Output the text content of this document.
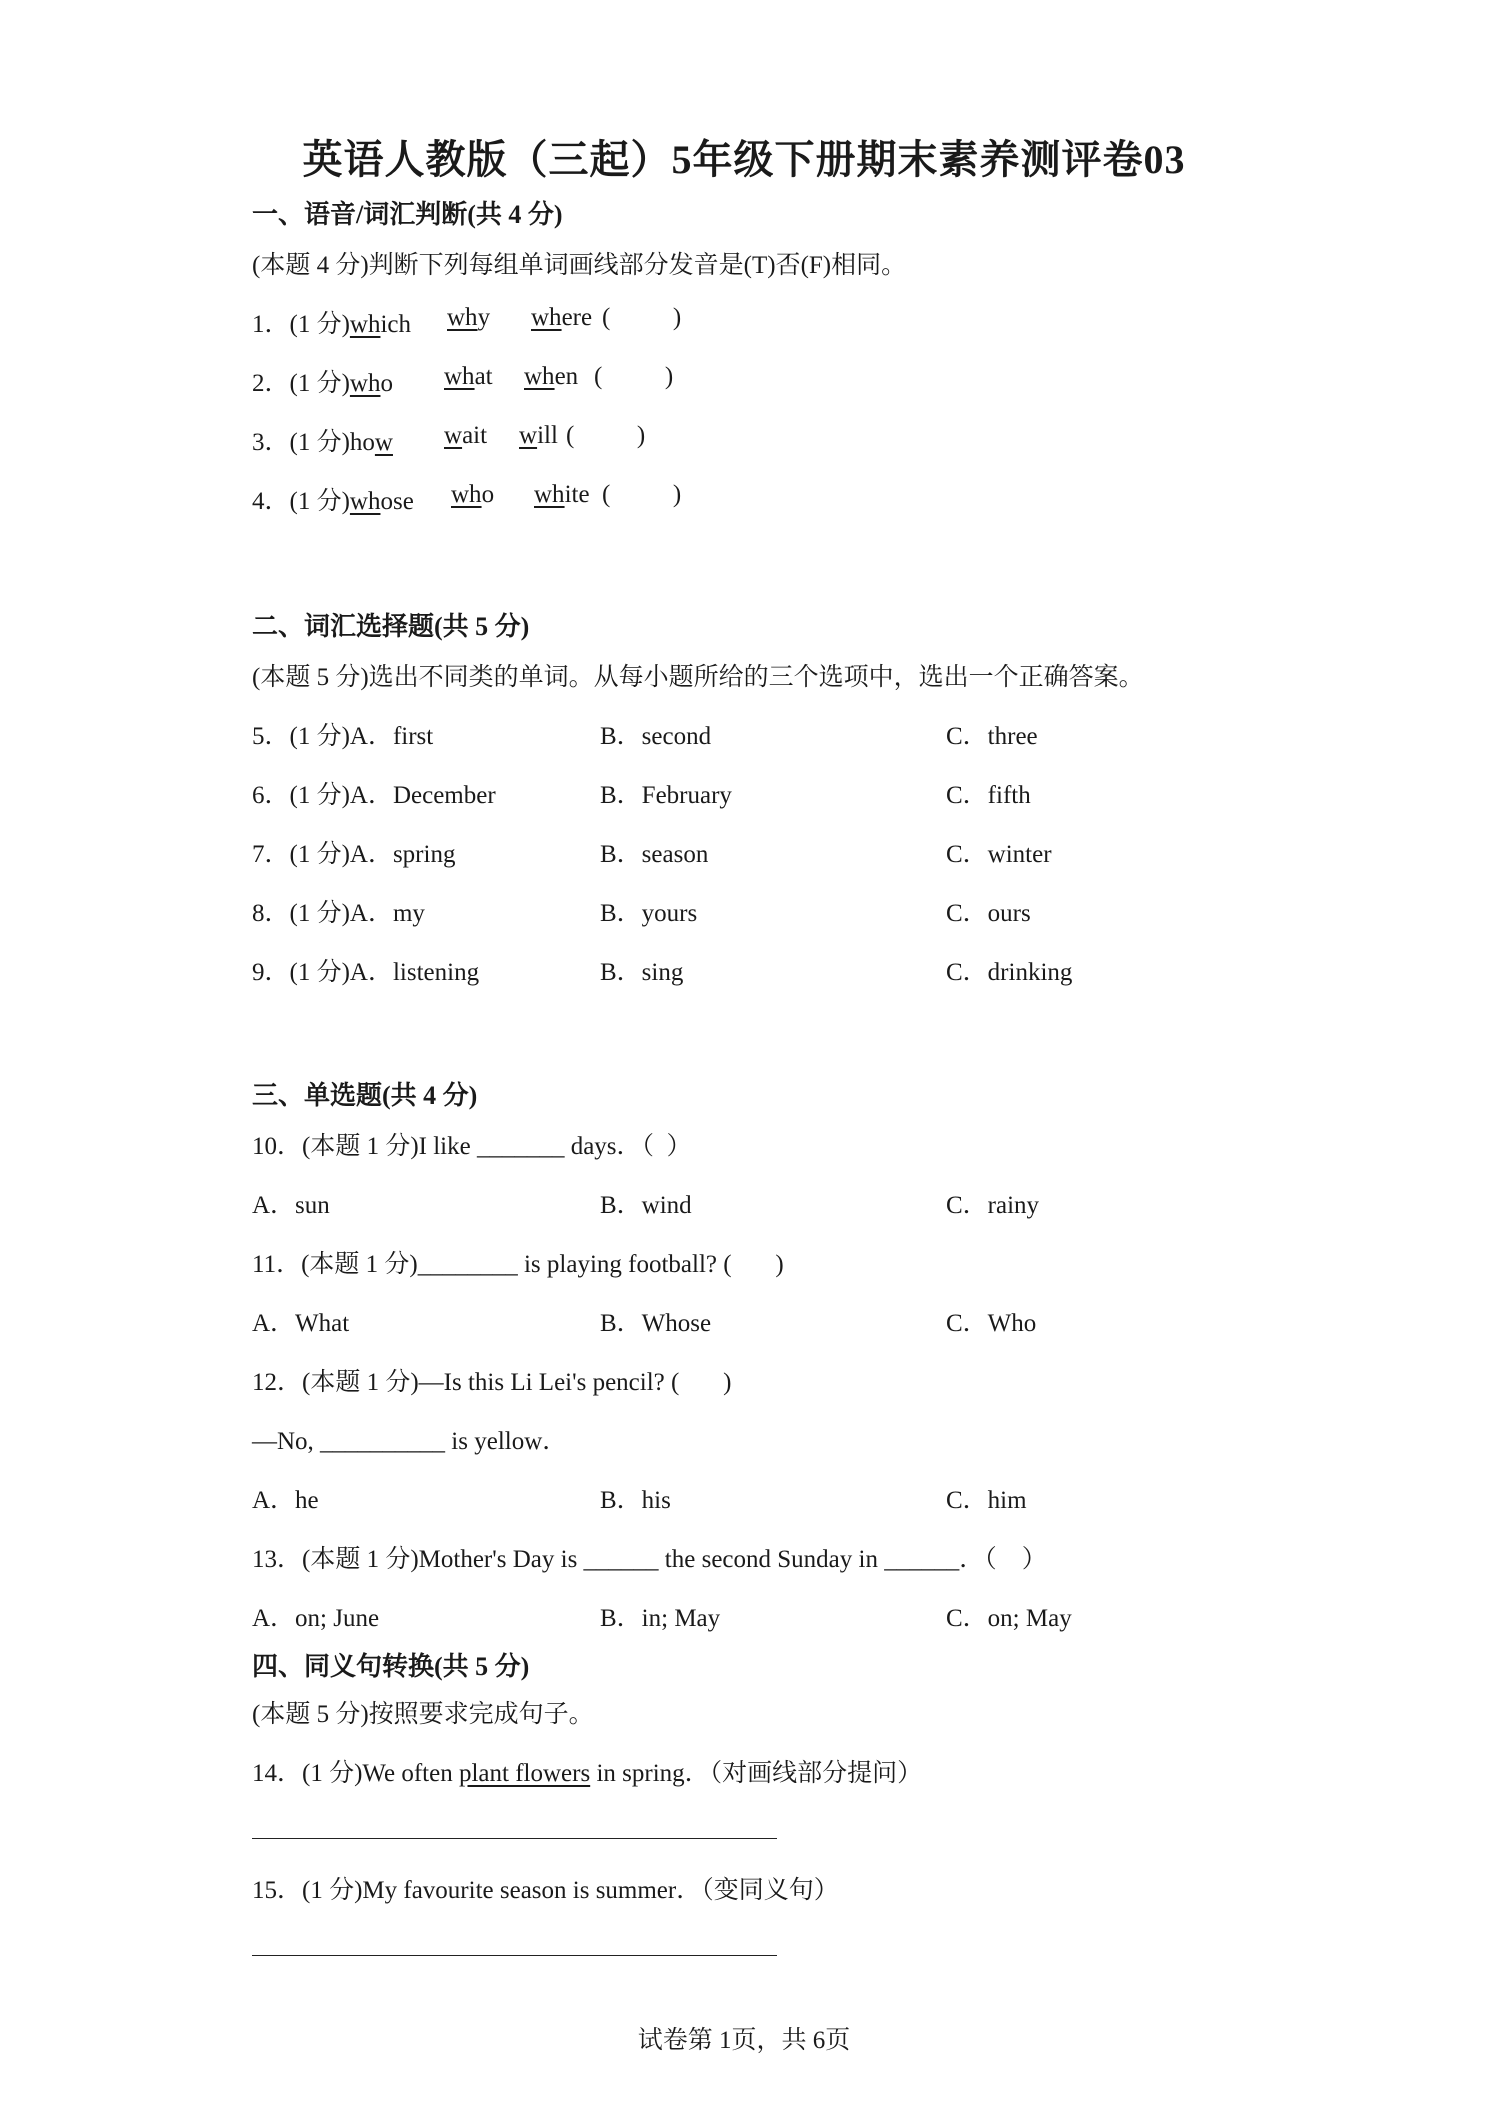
英语人教版（三起）5年级下册期末素养测评卷03
一、语音/词汇判断(共 4 分)
(本题 4 分)判断下列每组单词画线部分发音是(T)否(F)相同。
1．(1 分)which why where (          )
2．(1 分)who what when (          )
3．(1 分)how wait will (          )
4．(1 分)whose who white (          )
二、词汇选择题(共 5 分)
(本题 5 分)选出不同类的单词。从每小题所给的三个选项中，选出一个正确答案。
5．(1 分)A．first	B．second	C．three
6．(1 分)A．December	B．February	C．fifth
7．(1 分)A．spring	B．season	C．winter
8．(1 分)A．my	B．yours	C．ours
9．(1 分)A．listening	B．sing	C．drinking
三、单选题(共 4 分)
10．(本题 1 分)I like _______ days．（  ）
A．sun	B．wind	C．rainy
11．(本题 1 分)________ is playing football? (       )
A．What	B．Whose	C．Who
12．(本题 1 分)—Is this Li Lei's pencil? (       )
—No, __________ is yellow．
A．he	B．his	C．him
13．(本题 1 分)Mother's Day is ______ the second Sunday in ______．（    ）
A．on; June	B．in; May	C．on; May
四、同义句转换(共 5 分)
(本题 5 分)按照要求完成句子。
14．(1 分)We often plant flowers in spring．（对画线部分提问）
15．(1 分)My favourite season is summer．（变同义句）
试卷第 1页，共 6页
